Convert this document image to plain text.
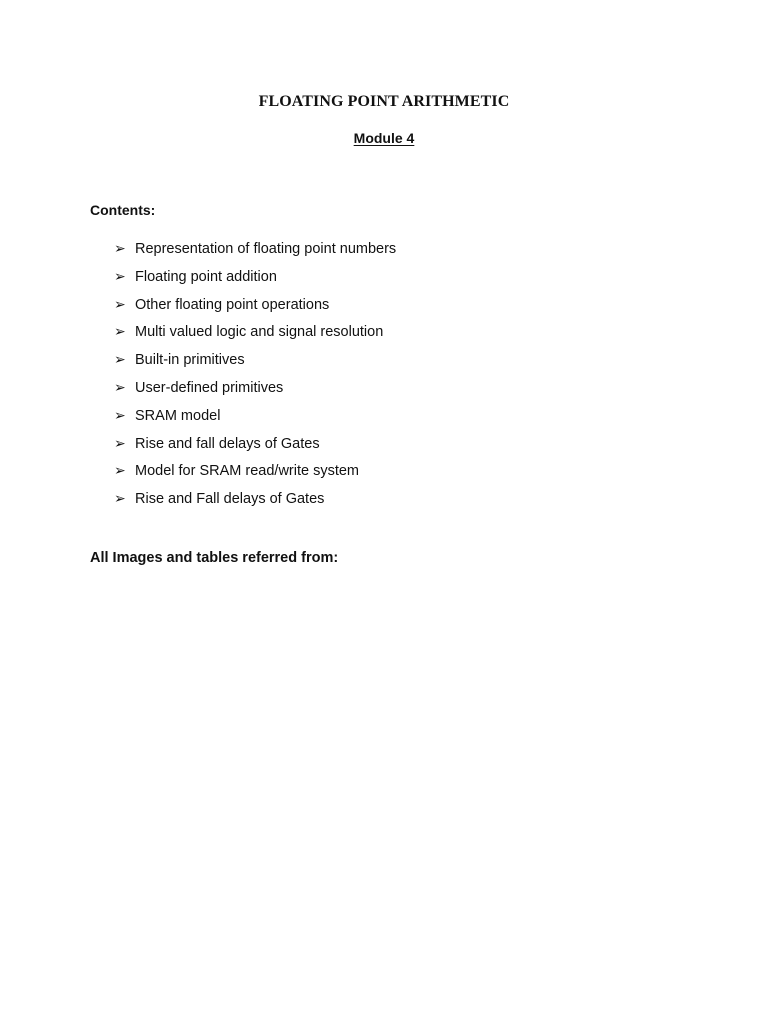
FLOATING POINT ARITHMETIC
Module 4
Contents:
➢ Representation of floating point numbers
➢ Floating point addition
➢ Other floating point operations
➢ Multi valued logic and signal resolution
➢ Built-in primitives
➢ User-defined primitives
➢ SRAM model
➢ Rise and fall delays of Gates
➢ Model for SRAM read/write system
➢ Rise and Fall delays of Gates
All Images and tables referred from:
